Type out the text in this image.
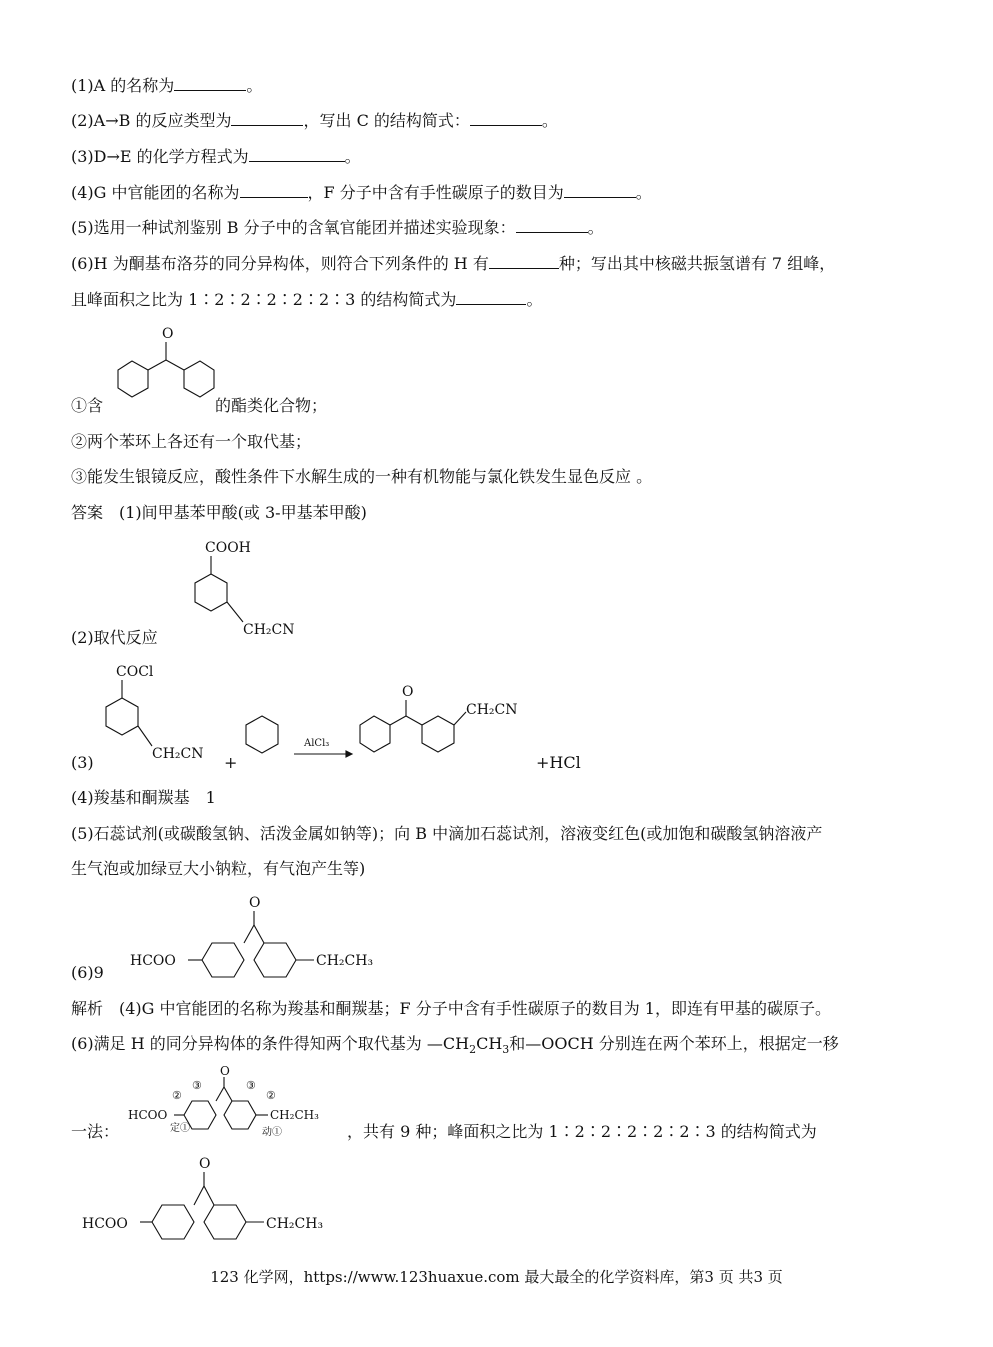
(1)A 的名称为	。
(2)A→B 的反应类型为	，写出 C 的结构简式：	。
(3)D→E 的化学方程式为	。
(4)G 中官能团的名称为	，F 分子中含有手性碳原子的数目为	。
(5)选用一种试剂鉴别 B 分子中的含氧官能团并描述实验现象：	。
(6)H 为酮基布洛芬的同分异构体，则符合下列条件的 H 有	种；写出其中核磁共振氢谱有 7 组峰，
且峰面积之比为 1∶2∶2∶2∶2∶2∶3 的结构简式为	。
①含	的酯类化合物；
O
②两个苯环上各还有一个取代基；
③能发生银镜反应，酸性条件下水解生成的一种有机物能与氯化铁发生显色反应 。
答案　(1)间甲基苯甲酸(或 3-甲基苯甲酸)
COOH
CH₂CN
(2)取代反应
(3)
COCl
CH₂CN +
AlCl₃
O
CH₂CN
+HCl
(4)羧基和酮羰基　1
(5)石蕊试剂(或碳酸氢钠、活泼金属如钠等)；向 B 中滴加石蕊试剂，溶液变红色(或加饱和碳酸氢钠溶液产
生气泡或加绿豆大小钠粒，有气泡产生等)
(6)9
HCOO
O
CH₂CH₃
解析　(4)G 中官能团的名称为羧基和酮羰基；F 分子中含有手性碳原子的数目为 1，即连有甲基的碳原子。
(6)满足 H 的同分异构体的条件得知两个取代基为 $—CH_2CH_3$和—OOCH 分别连在两个苯环上，根据定一移
一法：	，共有 9 种；峰面积之比为 1∶2∶2∶2∶2∶2∶3 的结构简式为
HCOO
②
③
定①
O
③
②
CH₂CH₃
动①
HCOO
O
CH₂CH₃
123 化学网，https://www.123huaxue.com 最大最全的化学资料库，第3 页 共3 页
